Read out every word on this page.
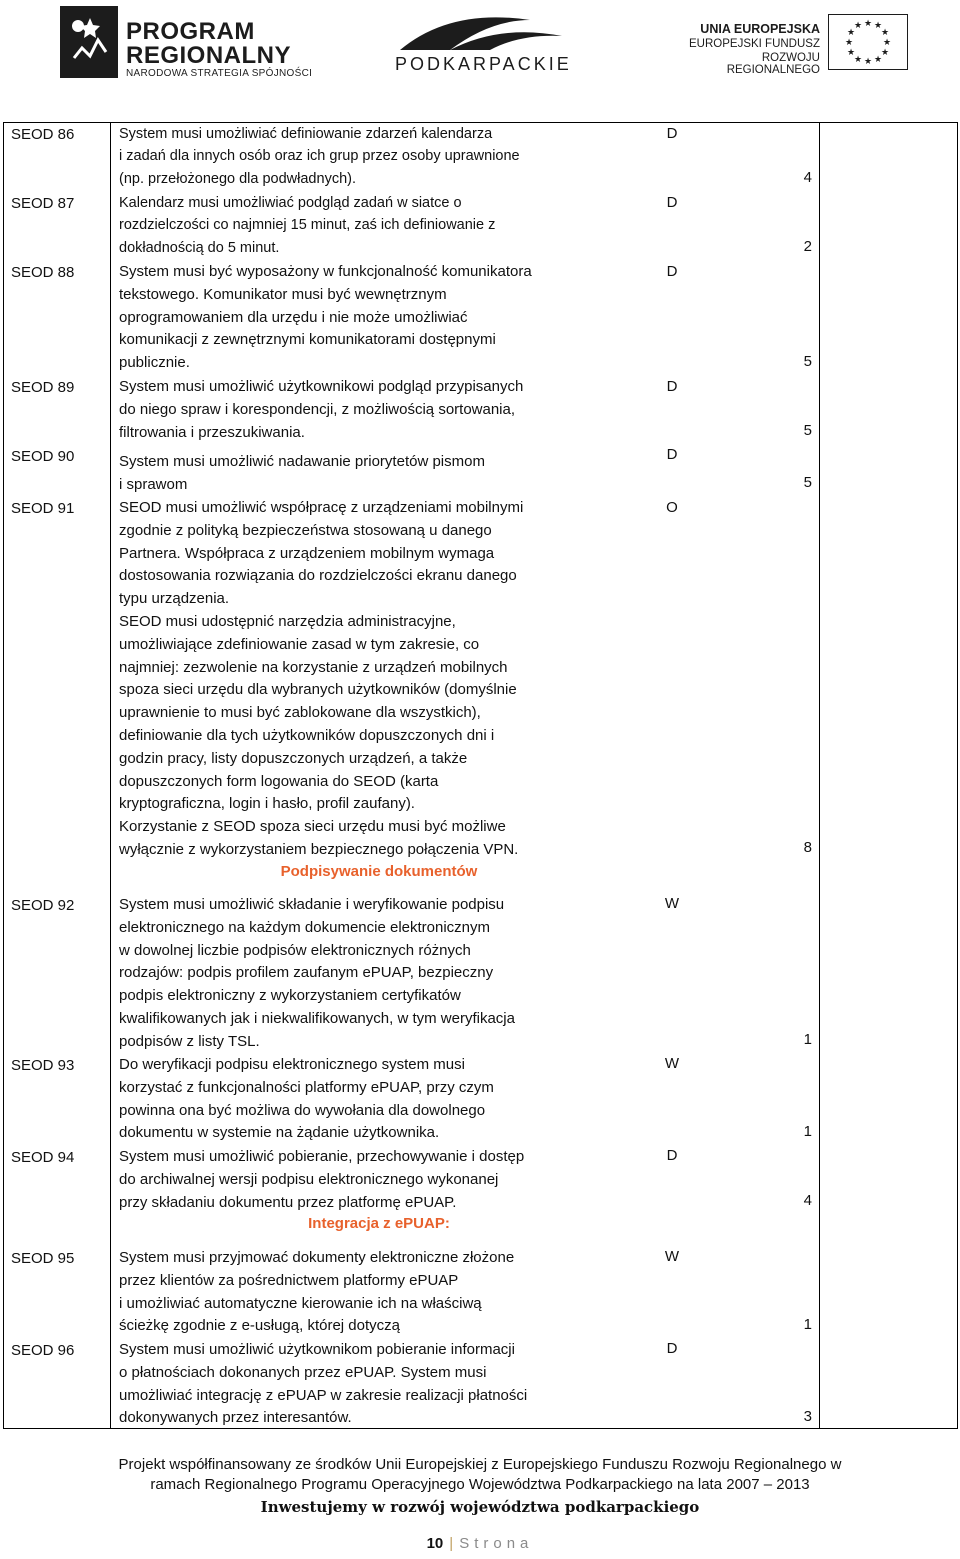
PROGRAM
REGIONALNY
NARODOWA STRATEGIA SPÓJNOŚCI	PODKARPACKIE
UNIA EUROPEJSKA
EUROPEJSKI FUNDUSZ
ROZWOJU REGIONALNEGO
★ ★
★
★
★
★
★
★
★
★
★
★
SEOD 86	System musi umożliwiać definiowanie zdarzeń kalendarza
i zadań dla innych osób oraz ich grup przez osoby uprawnione
(np. przełożonego dla podwładnych).
D
4
SEOD 87	Kalendarz musi umożliwiać podgląd zadań w siatce o
rozdzielczości co najmniej 15 minut, zaś ich definiowanie z
dokładnością do 5 minut.
D
2
SEOD 88	System musi być wyposażony w funkcjonalność komunikatora
tekstowego. Komunikator musi być wewnętrznym
oprogramowaniem dla urzędu i nie może umożliwiać
komunikacji z zewnętrznymi komunikatorami dostępnymi
publicznie.
D
5
SEOD 89	System musi umożliwić użytkownikowi podgląd przypisanych
do niego spraw i korespondencji, z możliwością sortowania,
filtrowania i przeszukiwania.
D
5
SEOD 90	System musi umożliwić nadawanie priorytetów pismom
i sprawom
D
5
SEOD 91	SEOD musi umożliwić współpracę z urządzeniami mobilnymi
zgodnie z polityką bezpieczeństwa stosowaną u danego
Partnera. Współpraca z urządzeniem mobilnym wymaga
dostosowania rozwiązania do rozdzielczości ekranu danego
typu urządzenia.
SEOD musi udostępnić narzędzia administracyjne,
umożliwiające zdefiniowanie zasad w tym zakresie, co
najmniej: zezwolenie na korzystanie z urządzeń mobilnych
spoza sieci urzędu dla wybranych użytkowników (domyślnie
uprawnienie to musi być zablokowane dla wszystkich),
definiowanie dla tych użytkowników dopuszczonych dni i
godzin pracy, listy dopuszczonych urządzeń, a także
dopuszczonych form logowania do SEOD (karta
kryptograficzna, login i hasło, profil zaufany).
Korzystanie z SEOD spoza sieci urzędu musi być możliwe
wyłącznie z wykorzystaniem bezpiecznego połączenia VPN.
O
8
Podpisywanie dokumentów
SEOD 92	System musi umożliwić składanie i weryfikowanie podpisu
elektronicznego na każdym dokumencie elektronicznym
w dowolnej liczbie podpisów elektronicznych różnych
rodzajów: podpis profilem zaufanym ePUAP, bezpieczny
podpis elektroniczny z wykorzystaniem certyfikatów
kwalifikowanych jak i niekwalifikowanych, w tym weryfikacja
podpisów z listy TSL.
W
1
SEOD 93	Do weryfikacji podpisu elektronicznego system musi
korzystać z funkcjonalności platformy ePUAP, przy czym
powinna ona być możliwa do wywołania dla dowolnego
dokumentu w systemie na żądanie użytkownika.
W
1
SEOD 94	System musi umożliwić pobieranie, przechowywanie i dostęp
do archiwalnej wersji podpisu elektronicznego wykonanej
przy składaniu dokumentu przez platformę ePUAP.
D
4
Integracja z ePUAP:
SEOD 95	System musi przyjmować dokumenty elektroniczne złożone
przez klientów za pośrednictwem platformy ePUAP
i umożliwiać automatyczne kierowanie ich na właściwą
ścieżkę zgodnie z e-usługą, której dotyczą
W
1
SEOD 96	System musi umożliwić użytkownikom pobieranie informacji
o płatnościach dokonanych przez ePUAP. System musi
umożliwiać integrację z ePUAP w zakresie realizacji płatności
dokonywanych przez interesantów.
D
3
Projekt współfinansowany ze środków Unii Europejskiej z Europejskiego Funduszu Rozwoju Regionalnego w
ramach Regionalnego Programu Operacyjnego Województwa Podkarpackiego na lata 2007 – 2013
Inwestujemy w rozwój województwa podkarpackiego
10 | Strona
